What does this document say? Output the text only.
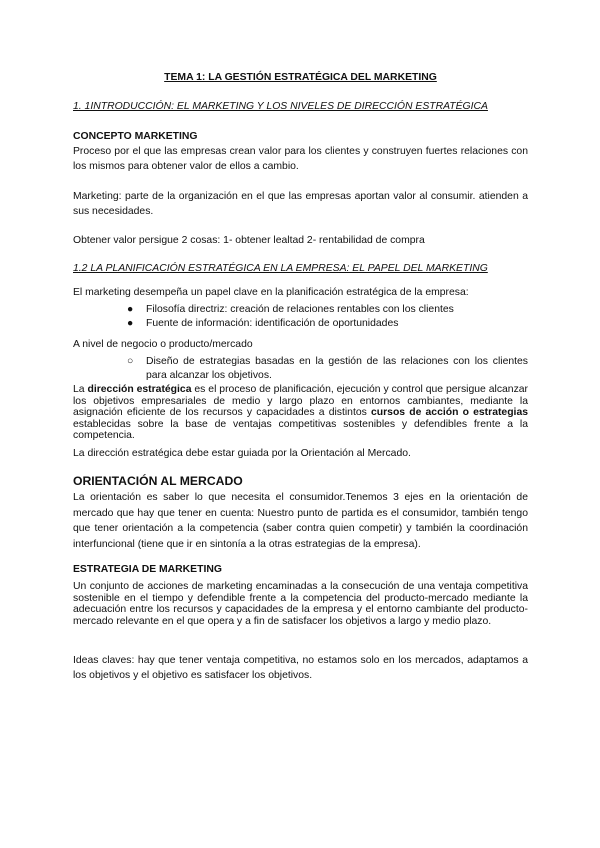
TEMA 1: LA GESTIÓN ESTRATÉGICA DEL MARKETING

1. 1INTRODUCCIÓN: EL MARKETING Y LOS NIVELES DE DIRECCIÓN ESTRATÉGICA

CONCEPTO MARKETING

Proceso por el que las empresas crean valor para los clientes y construyen fuertes relaciones con los mismos para obtener valor de ellos a cambio.

Marketing: parte de la organización en el que las empresas aportan valor al consumir. atienden a sus necesidades.

Obtener valor persigue 2 cosas: 1- obtener lealtad 2- rentabilidad de compra

1.2 LA PLANIFICACIÓN ESTRATÉGICA EN LA EMPRESA: EL PAPEL DEL MARKETING

El marketing desempeña un papel clave en la planificación estratégica de la empresa:

● Filosofía directriz: creación de relaciones rentables con los clientes
● Fuente de información: identificación de oportunidades

A nivel de negocio o producto/mercado

○ Diseño de estrategias basadas en la gestión de las relaciones con los clientes para alcanzar los objetivos.

La dirección estratégica es el proceso de planificación, ejecución y control que persigue alcanzar los objetivos empresariales de medio y largo plazo en entornos cambiantes, mediante la asignación eficiente de los recursos y capacidades a distintos cursos de acción o estrategias establecidas sobre la base de ventajas competitivas sostenibles y defendibles frente a la competencia.

La dirección estratégica debe estar guiada por la Orientación al Mercado.

ORIENTACIÓN AL MERCADO

La orientación es saber lo que necesita el consumidor.Tenemos 3 ejes en la orientación de mercado que hay que tener en cuenta: Nuestro punto de partida es el consumidor, también tengo que tener orientación a la competencia (saber contra quien competir) y también la coordinación interfuncional (tiene que ir en sintonía a la otras estrategias de la empresa).

ESTRATEGIA DE MARKETING

Un conjunto de acciones de marketing encaminadas a la consecución de una ventaja competitiva sostenible en el tiempo y defendible frente a la competencia del producto-mercado mediante la adecuación entre los recursos y capacidades de la empresa y el entorno cambiante del producto-mercado relevante en el que opera y a fin de satisfacer los objetivos a largo y medio plazo.

Ideas claves: hay que tener ventaja competitiva, no estamos solo en los mercados, adaptamos a los objetivos y el objetivo es satisfacer los objetivos.
